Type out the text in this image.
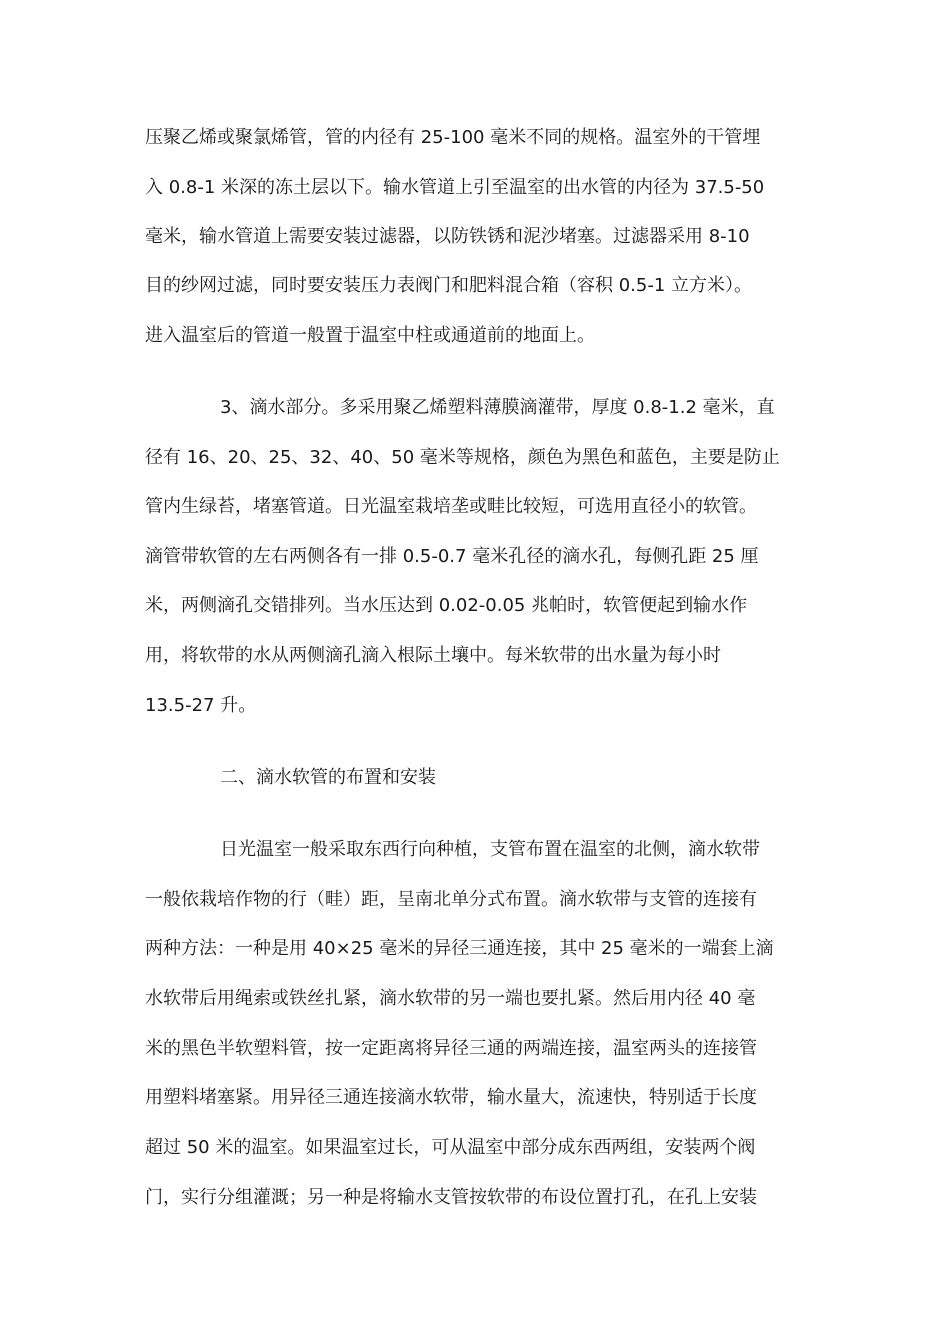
压聚乙烯或聚氯烯管，管的内径有 25-100 毫米不同的规格。温室外的干管埋
入 0.8-1 米深的冻土层以下。输水管道上引至温室的出水管的内径为 37.5-50
毫米，输水管道上需要安装过滤器，以防铁锈和泥沙堵塞。过滤器采用 8-10
目的纱网过滤，同时要安装压力表阀门和肥料混合箱（容积 0.5-1 立方米）。
进入温室后的管道一般置于温室中柱或通道前的地面上。
3、滴水部分。多采用聚乙烯塑料薄膜滴灌带，厚度 0.8-1.2 毫米，直
径有 16、20、25、32、40、50 毫米等规格，颜色为黑色和蓝色，主要是防止
管内生绿苔，堵塞管道。日光温室栽培垄或畦比较短，可选用直径小的软管。
滴管带软管的左右两侧各有一排 0.5-0.7 毫米孔径的滴水孔，每侧孔距 25 厘
米，两侧滴孔交错排列。当水压达到 0.02-0.05 兆帕时，软管便起到输水作
用，将软带的水从两侧滴孔滴入根际土壤中。每米软带的出水量为每小时
13.5-27 升。
二、滴水软管的布置和安装
日光温室一般采取东西行向种植，支管布置在温室的北侧，滴水软带
一般依栽培作物的行（畦）距，呈南北单分式布置。滴水软带与支管的连接有
两种方法：一种是用 40×25 毫米的异径三通连接，其中 25 毫米的一端套上滴
水软带后用绳索或铁丝扎紧，滴水软带的另一端也要扎紧。然后用内径 40 毫
米的黑色半软塑料管，按一定距离将异径三通的两端连接，温室两头的连接管
用塑料堵塞紧。用异径三通连接滴水软带，输水量大，流速快，特别适于长度
超过 50 米的温室。如果温室过长，可从温室中部分成东西两组，安装两个阀
门，实行分组灌溉；另一种是将输水支管按软带的布设位置打孔，在孔上安装
